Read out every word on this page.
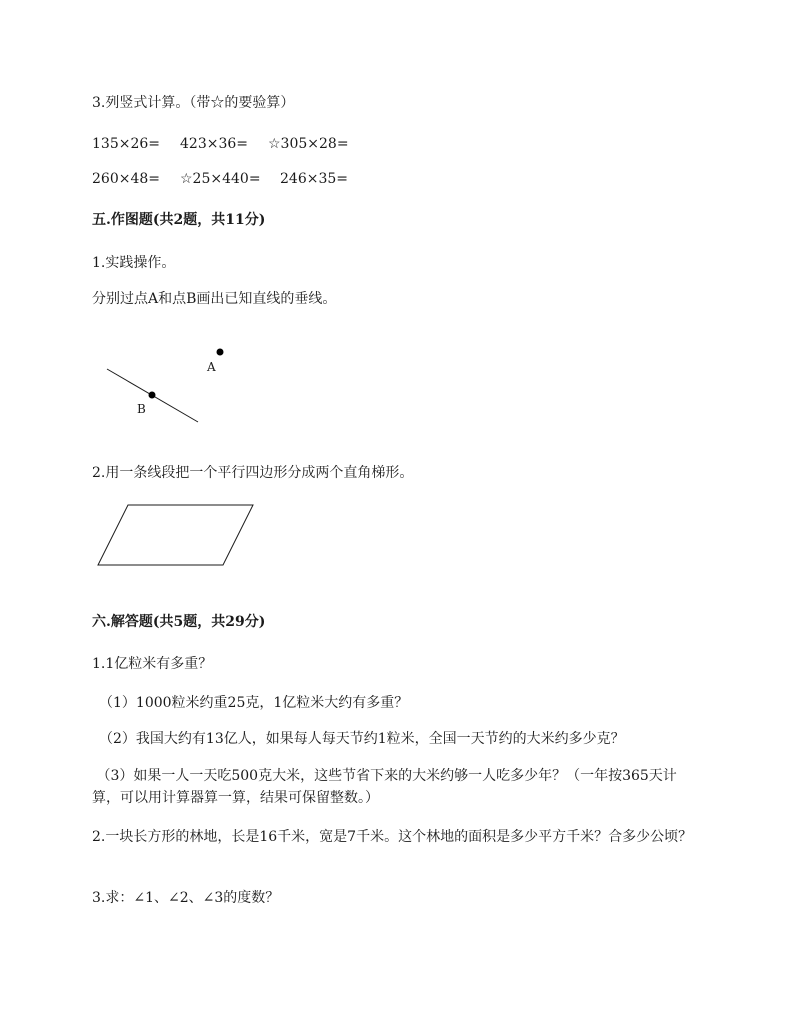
3.列竖式计算。（带☆的要验算）
135×26= 423×36= ☆305×28=
260×48= ☆25×440= 246×35=
五.作图题(共2题，共11分)
1.实践操作。
分别过点A和点B画出已知直线的垂线。
A
B
2.用一条线段把一个平行四边形分成两个直角梯形。
六.解答题(共5题，共29分)
1.1亿粒米有多重？
（1）1000粒米约重25克，1亿粒米大约有多重？
（2）我国大约有13亿人，如果每人每天节约1粒米，全国一天节约的大米约多少克？
（3）如果一人一天吃500克大米，这些节省下来的大米约够一人吃多少年？（一年按365天计算，可以用计算器算一算，结果可保留整数。）
2.一块长方形的林地，长是16千米，宽是7千米。这个林地的面积是多少平方千米？合多少公顷？
3.求：∠1、∠2、∠3的度数？
